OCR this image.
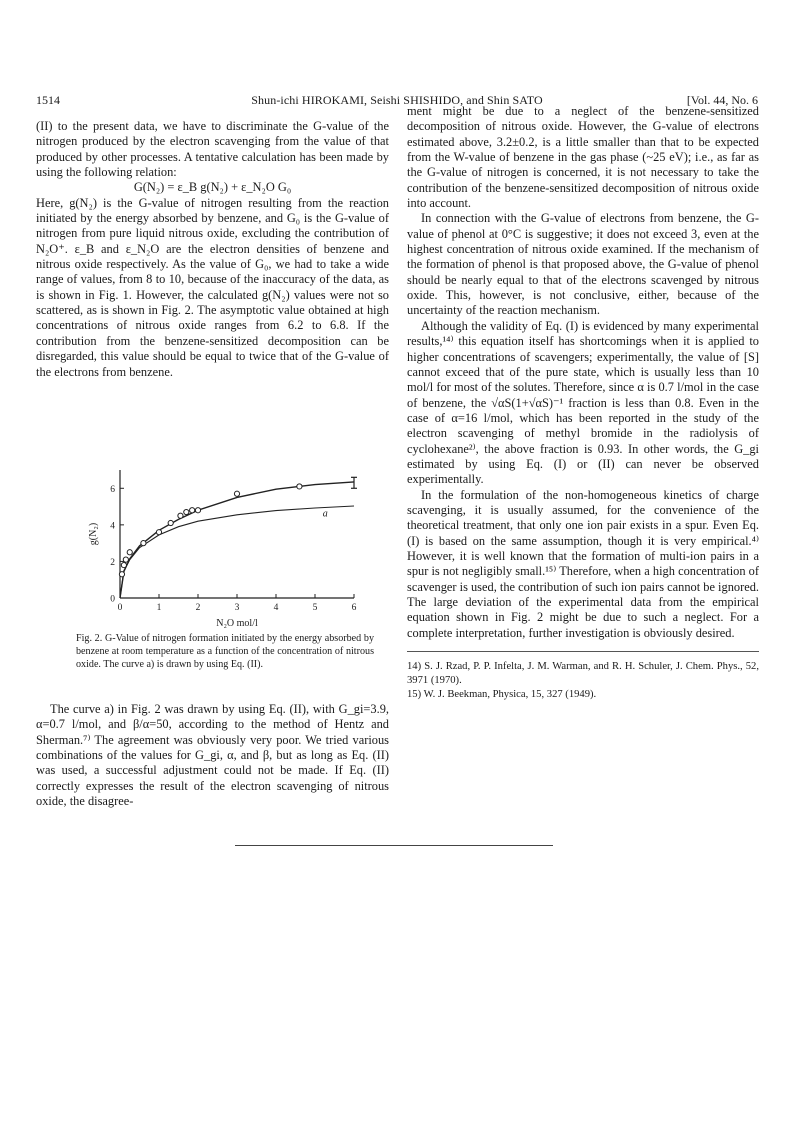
1514	Shun-ichi HIROKAMI, Seishi SHISHIDO, and Shin SATO	[Vol. 44, No. 6

(II) to the present data, we have to discriminate the G-value of the nitrogen produced by the electron scavenging from the value of that produced by other processes. A tentative calculation has been made by using the following relation:

G(N₂) = ε_B g(N₂) + ε_N₂O G₀

Here, g(N₂) is the G-value of nitrogen resulting from the reaction initiated by the energy absorbed by benzene, and G₀ is the G-value of nitrogen from pure liquid nitrous oxide, excluding the contribution of N₂O⁺. ε_B and ε_N₂O are the electron densities of benzene and nitrous oxide respectively. As the value of G₀, we had to take a wide range of values, from 8 to 10, because of the inaccuracy of the data, as is shown in Fig. 1. However, the calculated g(N₂) values were not so scattered, as is shown in Fig. 2. The asymptotic value obtained at high concentrations of nitrous oxide ranges from 6.2 to 6.8. If the contribution from the benzene-sensitized decomposition can be disregarded, this value should be equal to twice that of the G-value of the electrons from benzene.

0	1	2	3	4	5	6
0
2
4
6
N₂O mol/l
g(N₂)
a
Fig. 2. G-Value of nitrogen formation initiated by the energy absorbed by benzene at room temperature as a function of the concentration of nitrous oxide. The curve a) is drawn by using Eq. (II).

The curve a) in Fig. 2 was drawn by using Eq. (II), with G_gi=3.9, α=0.7 l/mol, and β/α=50, according to the method of Hentz and Sherman.⁷⁾ The agreement was obviously very poor. We tried various combinations of the values for G_gi, α, and β, but as long as Eq. (II) was used, a successful adjustment could not be made. If Eq. (II) correctly expresses the result of the electron scavenging of nitrous oxide, the disagree-

ment might be due to a neglect of the benzene-sensitized decomposition of nitrous oxide. However, the G-value of electrons estimated above, 3.2±0.2, is a little smaller than that to be expected from the W-value of benzene in the gas phase (~25 eV); i.e., as far as the G-value of nitrogen is concerned, it is not necessary to take the contribution of the benzene-sensitized decomposition of nitrous oxide into account.

In connection with the G-value of electrons from benzene, the G-value of phenol at 0°C is suggestive; it does not exceed 3, even at the highest concentration of nitrous oxide examined. If the mechanism of the formation of phenol is that proposed above, the G-value of phenol should be nearly equal to that of the electrons scavenged by nitrous oxide. This, however, is not conclusive, either, because of the uncertainty of the reaction mechanism.

Although the validity of Eq. (I) is evidenced by many experimental results,¹⁴⁾ this equation itself has shortcomings when it is applied to higher concentrations of scavengers; experimentally, the value of [S] cannot exceed that of the pure state, which is usually less than 10 mol/l for most of the solutes. Therefore, since α is 0.7 l/mol in the case of benzene, the √αS(1+√αS)⁻¹ fraction is less than 0.8. Even in the case of α=16 l/mol, which has been reported in the study of the electron scavenging of methyl bromide in the radiolysis of cyclohexane²⁾, the above fraction is 0.93. In other words, the G_gi estimated by using Eq. (I) or (II) can never be observed experimentally.

In the formulation of the non-homogeneous kinetics of charge scavenging, it is usually assumed, for the convenience of the theoretical treatment, that only one ion pair exists in a spur. Even Eq. (I) is based on the same assumption, though it is very empirical.⁴⁾ However, it is well known that the formation of multi-ion pairs in a spur is not negligibly small.¹⁵⁾ Therefore, when a high concentration of scavenger is used, the contribution of such ion pairs cannot be ignored. The large deviation of the experimental data from the empirical equation shown in Fig. 2 might be due to such a neglect. For a complete interpretation, further investigation is obviously desired.

14) S. J. Rzad, P. P. Infelta, J. M. Warman, and R. H. Schuler, J. Chem. Phys., 52, 3971 (1970).

15) W. J. Beekman, Physica, 15, 327 (1949).
